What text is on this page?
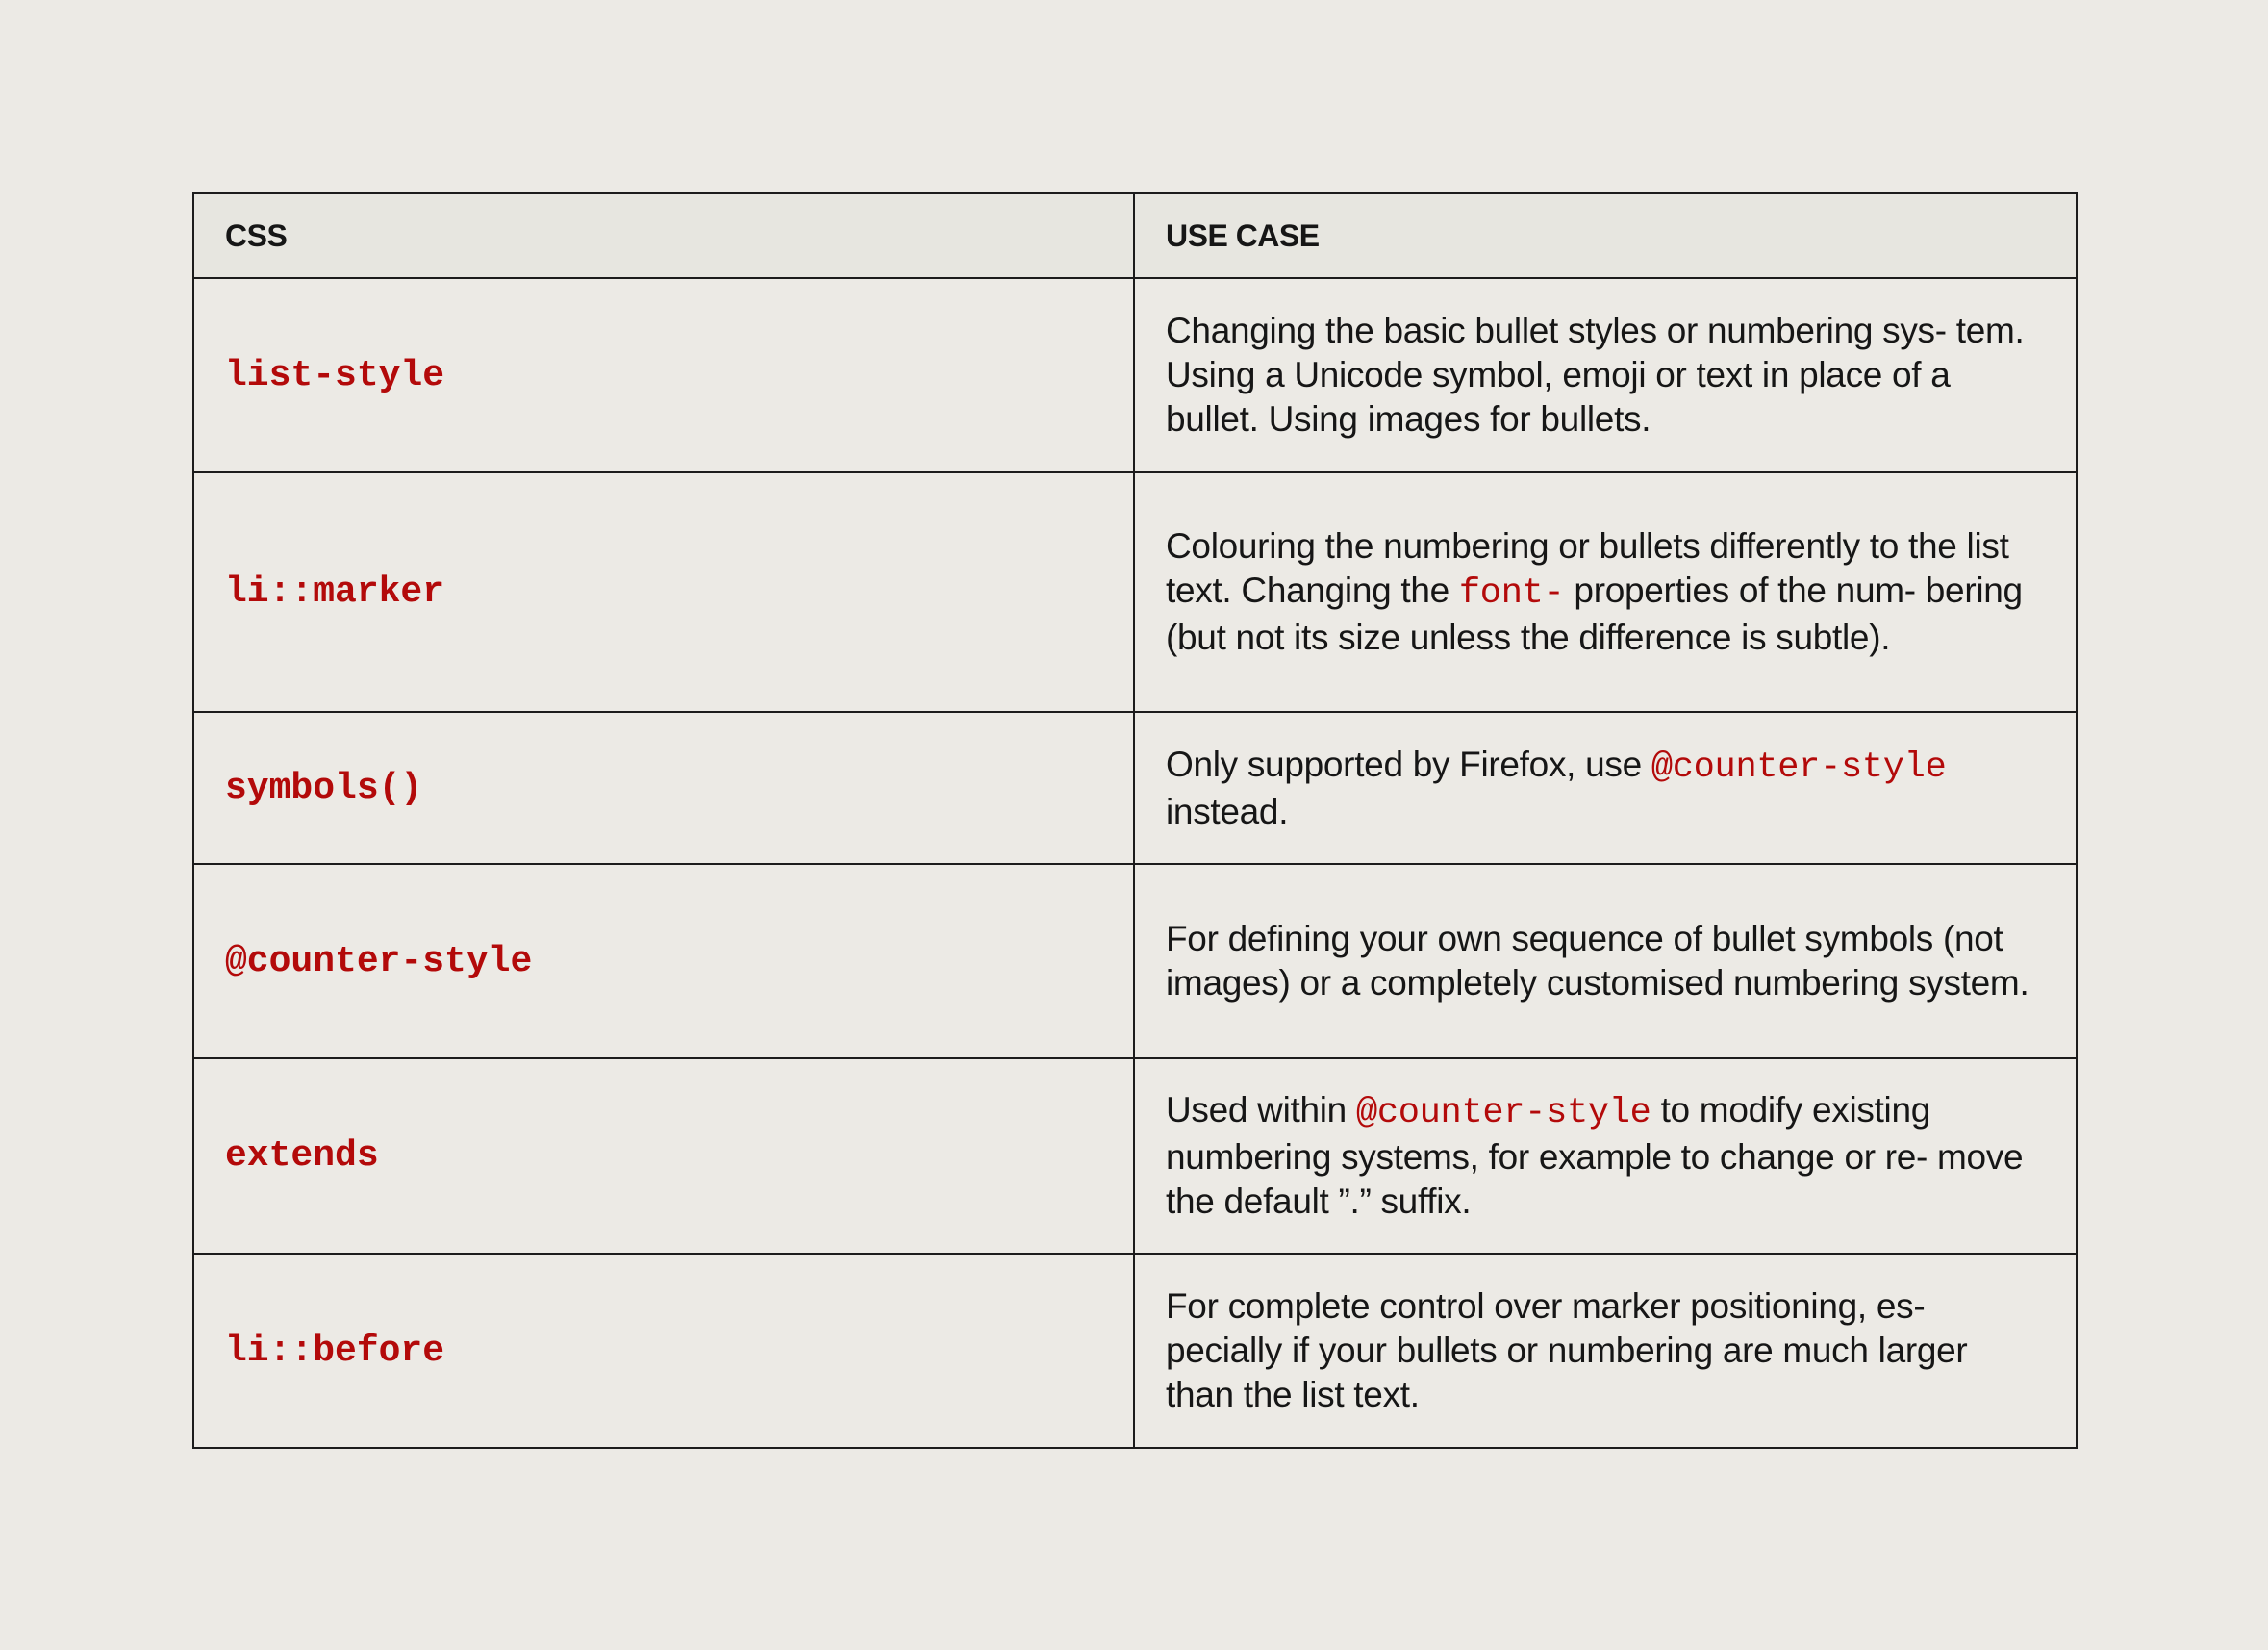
CSS	USE CASE
list-style	Changing the basic bullet styles or numbering sys- tem. Using a Unicode symbol, emoji or text in place of a bullet. Using images for bullets.

li::marker	Colouring the numbering or bullets differently to the list text. Changing the font- properties of the num- bering (but not its size unless the difference is subtle).

symbols()	Only supported by Firefox, use @counter-style instead.

@counter-style	For defining your own sequence of bullet symbols (not images) or a completely customised numbering system.

extends	Used within @counter-style to modify existing numbering systems, for example to change or re- move the default ”.” suffix.

li::before	For complete control over marker positioning, es- pecially if your bullets or numbering are much larger than the list text.
